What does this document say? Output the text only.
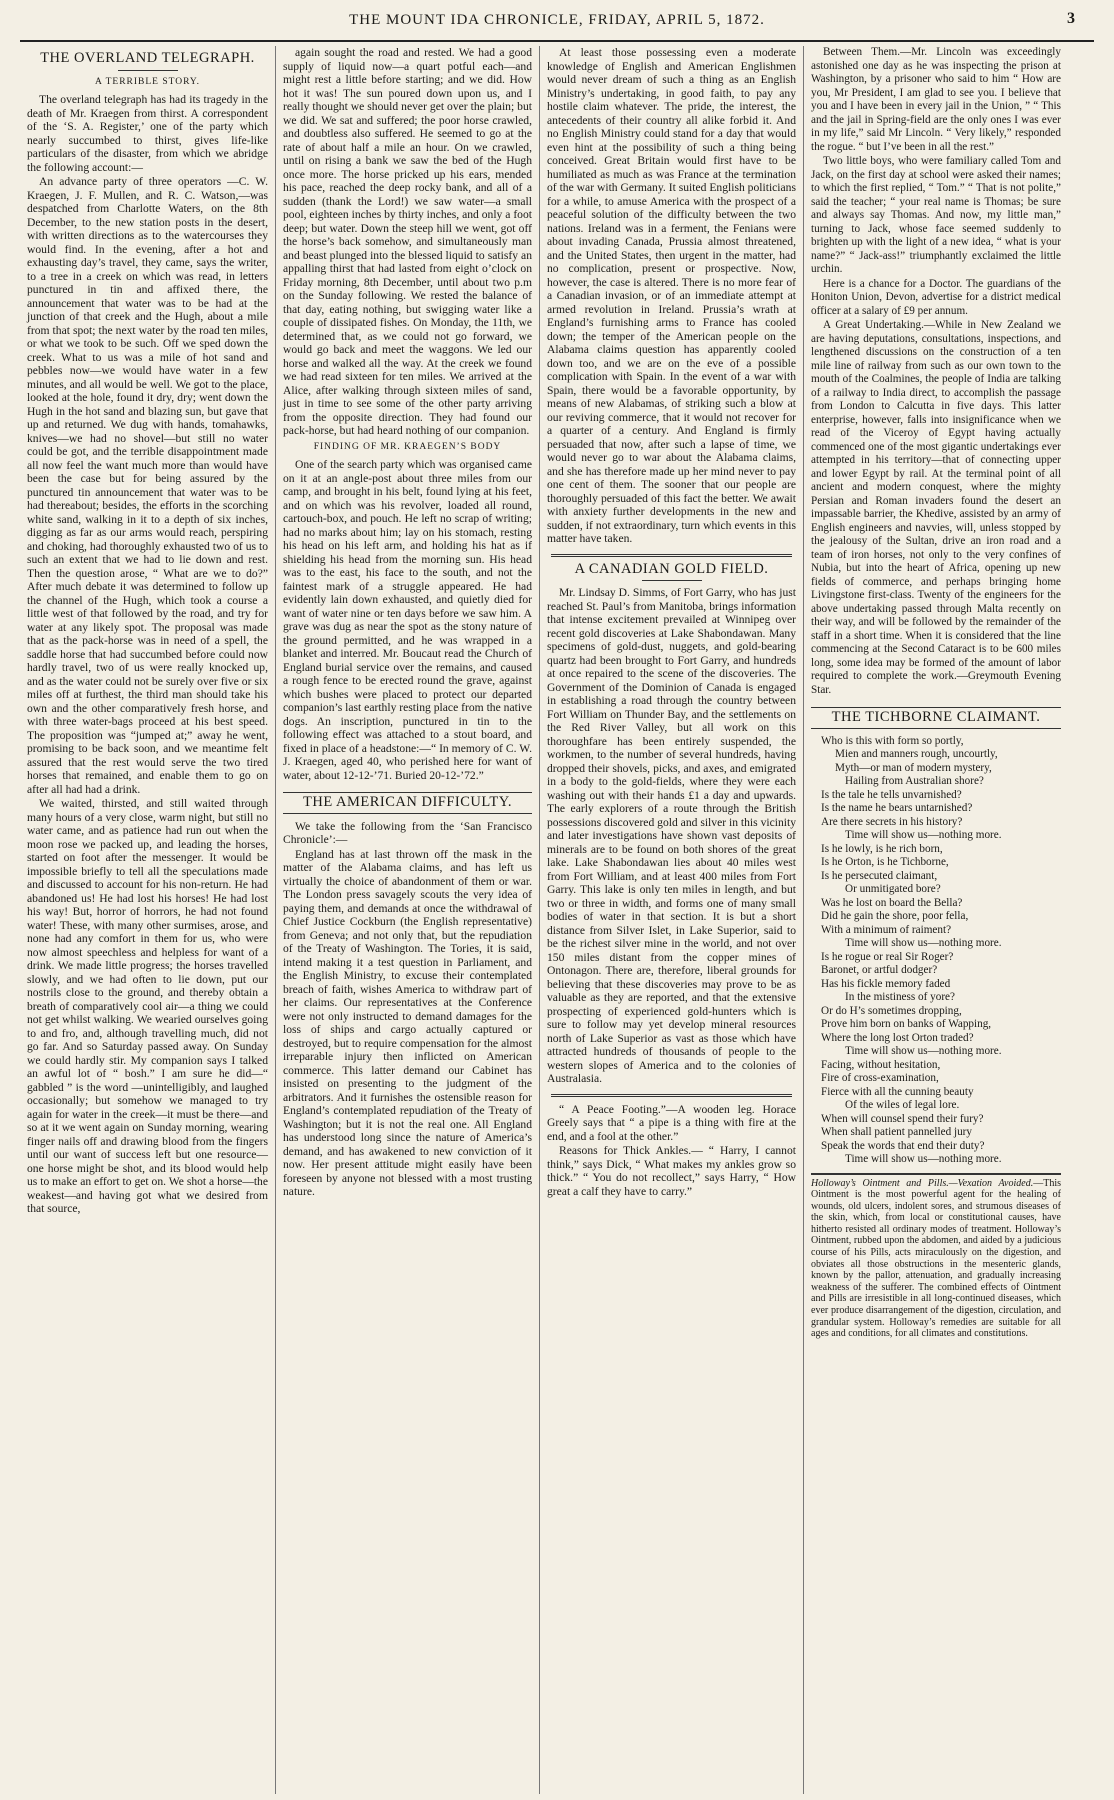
THE MOUNT IDA CHRONICLE, FRIDAY, APRIL 5, 1872.	3
THE OVERLAND TELEGRAPH.
A TERRIBLE STORY.

The overland telegraph has had its tragedy in the death of Mr. Kraegen from thirst. A correspondent of the ‘S. A. Register,’ one of the party which nearly succumbed to thirst, gives life-like particulars of the disaster, from which we abridge the following account:—

An advance party of three operators —C. W. Kraegen, J. F. Mullen, and R. C. Watson,—was despatched from Charlotte Waters, on the 8th December, to the new station posts in the desert, with written directions as to the watercourses they would find. In the evening, after a hot and exhausting day’s travel, they came, says the writer, to a tree in a creek on which was read, in letters punctured in tin and affixed there, the announcement that water was to be had at the junction of that creek and the Hugh, about a mile from that spot; the next water by the road ten miles, or what we took to be such. Off we sped down the creek. What to us was a mile of hot sand and pebbles now—we would have water in a few minutes, and all would be well. We got to the place, looked at the hole, found it dry, dry; went down the Hugh in the hot sand and blazing sun, but gave that up and returned. We dug with hands, tomahawks, knives—we had no shovel—but still no water could be got, and the terrible disappointment made all now feel the want much more than would have been the case but for being assured by the punctured tin announcement that water was to be had thereabout; besides, the efforts in the scorching white sand, walking in it to a depth of six inches, digging as far as our arms would reach, perspiring and choking, had thoroughly exhausted two of us to such an extent that we had to lie down and rest. Then the question arose, “ What are we to do?” After much debate it was determined to follow up the channel of the Hugh, which took a course a little west of that followed by the road, and try for water at any likely spot. The proposal was made that as the pack-horse was in need of a spell, the saddle horse that had succumbed before could now hardly travel, two of us were really knocked up, and as the water could not be surely over five or six miles off at furthest, the third man should take his own and the other comparatively fresh horse, and with three water-bags proceed at his best speed. The proposition was “jumped at;” away he went, promising to be back soon, and we meantime felt assured that the rest would serve the two tired horses that remained, and enable them to go on after all had had a drink.

We waited, thirsted, and still waited through many hours of a very close, warm night, but still no water came, and as patience had run out when the moon rose we packed up, and leading the horses, started on foot after the messenger. It would be impossible briefly to tell all the speculations made and discussed to account for his non-return. He had abandoned us! He had lost his horses! He had lost his way! But, horror of horrors, he had not found water! These, with many other surmises, arose, and none had any comfort in them for us, who were now almost speechless and helpless for want of a drink. We made little progress; the horses travelled slowly, and we had often to lie down, put our nostrils close to the ground, and thereby obtain a breath of comparatively cool air—a thing we could not get whilst walking. We wearied ourselves going to and fro, and, although travelling much, did not go far. And so Saturday passed away. On Sunday we could hardly stir. My companion says I talked an awful lot of “ bosh.” I am sure he did—“ gabbled ” is the word —unintelligibly, and laughed occasionally; but somehow we managed to try again for water in the creek—it must be there—and so at it we went again on Sunday morning, wearing finger nails off and drawing blood from the fingers until our want of success left but one resource—one horse might be shot, and its blood would help us to make an effort to get on. We shot a horse—the weakest—and having got what we desired from that source,

again sought the road and rested. We had a good supply of liquid now—a quart potful each—and might rest a little before starting; and we did. How hot it was! The sun poured down upon us, and I really thought we should never get over the plain; but we did. We sat and suffered; the poor horse crawled, and doubtless also suffered. He seemed to go at the rate of about half a mile an hour. On we crawled, until on rising a bank we saw the bed of the Hugh once more. The horse pricked up his ears, mended his pace, reached the deep rocky bank, and all of a sudden (thank the Lord!) we saw water—a small pool, eighteen inches by thirty inches, and only a foot deep; but water. Down the steep hill we went, got off the horse’s back somehow, and simultaneously man and beast plunged into the blessed liquid to satisfy an appalling thirst that had lasted from eight o’clock on Friday morning, 8th December, until about two p.m on the Sunday following. We rested the balance of that day, eating nothing, but swigging water like a couple of dissipated fishes. On Monday, the 11th, we determined that, as we could not go forward, we would go back and meet the waggons. We led our horse and walked all the way. At the creek we found we had read sixteen for ten miles. We arrived at the Alice, after walking through sixteen miles of sand, just in time to see some of the other party arriving from the opposite direction. They had found our pack-horse, but had heard nothing of our companion.

FINDING OF MR. KRAEGEN’S BODY

One of the search party which was organised came on it at an angle-post about three miles from our camp, and brought in his belt, found lying at his feet, and on which was his revolver, loaded all round, cartouch-box, and pouch. He left no scrap of writing; had no marks about him; lay on his stomach, resting his head on his left arm, and holding his hat as if shielding his head from the morning sun. His head was to the east, his face to the south, and not the faintest mark of a struggle appeared. He had evidently lain down exhausted, and quietly died for want of water nine or ten days before we saw him. A grave was dug as near the spot as the stony nature of the ground permitted, and he was wrapped in a blanket and interred. Mr. Boucaut read the Church of England burial service over the remains, and caused a rough fence to be erected round the grave, against which bushes were placed to protect our departed companion’s last earthly resting place from the native dogs. An inscription, punctured in tin to the following effect was attached to a stout board, and fixed in place of a headstone:—“ In memory of C. W. J. Kraegen, aged 40, who perished here for want of water, about 12-12-’71. Buried 20-12-’72.”

THE AMERICAN DIFFICULTY.

We take the following from the ‘San Francisco Chronicle’:—

England has at last thrown off the mask in the matter of the Alabama claims, and has left us virtually the choice of abandonment of them or war. The London press savagely scouts the very idea of paying them, and demands at once the withdrawal of Chief Justice Cockburn (the English representative) from Geneva; and not only that, but the repudiation of the Treaty of Washington. The Tories, it is said, intend making it a test question in Parliament, and the English Ministry, to excuse their contemplated breach of faith, wishes America to withdraw part of her claims. Our representatives at the Conference were not only instructed to demand damages for the loss of ships and cargo actually captured or destroyed, but to require compensation for the almost irreparable injury then inflicted on American commerce. This latter demand our Cabinet has insisted on presenting to the judgment of the arbitrators. And it furnishes the ostensible reason for England’s contemplated repudiation of the Treaty of Washington; but it is not the real one. All England has understood long since the nature of America’s demand, and has awakened to new conviction of it now. Her present attitude might easily have been foreseen by anyone not blessed with a most trusting nature.

At least those possessing even a moderate knowledge of English and American Englishmen would never dream of such a thing as an English Ministry’s undertaking, in good faith, to pay any hostile claim whatever. The pride, the interest, the antecedents of their country all alike forbid it. And no English Ministry could stand for a day that would even hint at the possibility of such a thing being conceived. Great Britain would first have to be humiliated as much as was France at the termination of the war with Germany. It suited English politicians for a while, to amuse America with the prospect of a peaceful solution of the difficulty between the two nations. Ireland was in a ferment, the Fenians were about invading Canada, Prussia almost threatened, and the United States, then urgent in the matter, had no complication, present or prospective. Now, however, the case is altered. There is no more fear of a Canadian invasion, or of an immediate attempt at armed revolution in Ireland. Prussia’s wrath at England’s furnishing arms to France has cooled down; the temper of the American people on the Alabama claims question has apparently cooled down too, and we are on the eve of a possible complication with Spain. In the event of a war with Spain, there would be a favorable opportunity, by means of new Alabamas, of striking such a blow at our reviving commerce, that it would not recover for a quarter of a century. And England is firmly persuaded that now, after such a lapse of time, we would never go to war about the Alabama claims, and she has therefore made up her mind never to pay one cent of them. The sooner that our people are thoroughly persuaded of this fact the better. We await with anxiety further developments in the new and sudden, if not extraordinary, turn which events in this matter have taken.

A CANADIAN GOLD FIELD.

Mr. Lindsay D. Simms, of Fort Garry, who has just reached St. Paul’s from Manitoba, brings information that intense excitement prevailed at Winnipeg over recent gold discoveries at Lake Shabondawan. Many specimens of gold-dust, nuggets, and gold-bearing quartz had been brought to Fort Garry, and hundreds at once repaired to the scene of the discoveries. The Government of the Dominion of Canada is engaged in establishing a road through the country between Fort William on Thunder Bay, and the settlements on the Red River Valley, but all work on this thoroughfare has been entirely suspended, the workmen, to the number of several hundreds, having dropped their shovels, picks, and axes, and emigrated in a body to the gold-fields, where they were each washing out with their hands £1 a day and upwards. The early explorers of a route through the British possessions discovered gold and silver in this vicinity and later investigations have shown vast deposits of minerals are to be found on both shores of the great lake. Lake Shabondawan lies about 40 miles west from Fort William, and at least 400 miles from Fort Garry. This lake is only ten miles in length, and but two or three in width, and forms one of many small bodies of water in that section. It is but a short distance from Silver Islet, in Lake Superior, said to be the richest silver mine in the world, and not over 150 miles distant from the copper mines of Ontonagon. There are, therefore, liberal grounds for believing that these discoveries may prove to be as valuable as they are reported, and that the extensive prospecting of experienced gold-hunters which is sure to follow may yet develop mineral resources north of Lake Superior as vast as those which have attracted hundreds of thousands of people to the western slopes of America and to the colonies of Australasia.

“ A Peace Footing.”—A wooden leg. Horace Greely says that “ a pipe is a thing with fire at the end, and a fool at the other.”

Reasons for Thick Ankles.— “ Harry, I cannot think,” says Dick, “ What makes my ankles grow so thick.” “ You do not recollect,” says Harry, “ How great a calf they have to carry.”

Between Them.—Mr. Lincoln was exceedingly astonished one day as he was inspecting the prison at Washington, by a prisoner who said to him “ How are you, Mr President, I am glad to see you. I believe that you and I have been in every jail in the Union, ” “ This and the jail in Spring-field are the only ones I was ever in my life,” said Mr Lincoln. “ Very likely,” responded the rogue. “ but I’ve been in all the rest.”

Two little boys, who were familiary called Tom and Jack, on the first day at school were asked their names; to which the first replied, “ Tom.” “ That is not polite,” said the teacher; “ your real name is Thomas; be sure and always say Thomas. And now, my little man,” turning to Jack, whose face seemed suddenly to brighten up with the light of a new idea, “ what is your name?” “ Jack-ass!” triumphantly exclaimed the little urchin.

Here is a chance for a Doctor. The guardians of the Honiton Union, Devon, advertise for a district medical officer at a salary of £9 per annum.

A Great Undertaking.—While in New Zealand we are having deputations, consultations, inspections, and lengthened discussions on the construction of a ten mile line of railway from such as our own town to the mouth of the Coalmines, the people of India are talking of a railway to India direct, to accomplish the passage from London to Calcutta in five days. This latter enterprise, however, falls into insignificance when we read of the Viceroy of Egypt having actually commenced one of the most gigantic undertakings ever attempted in his territory—that of connecting upper and lower Egypt by rail. At the terminal point of all ancient and modern conquest, where the mighty Persian and Roman invaders found the desert an impassable barrier, the Khedive, assisted by an army of English engineers and navvies, will, unless stopped by the jealousy of the Sultan, drive an iron road and a team of iron horses, not only to the very confines of Nubia, but into the heart of Africa, opening up new fields of commerce, and perhaps bringing home Livingstone first-class. Twenty of the engineers for the above undertaking passed through Malta recently on their way, and will be followed by the remainder of the staff in a short time. When it is considered that the line commencing at the Second Cataract is to be 600 miles long, some idea may be formed of the amount of labor required to complete the work.—Greymouth Evening Star.

THE TICHBORNE CLAIMANT.
Who is this with form so portly,
Mien and manners rough, uncourtly,
Myth—or man of modern mystery,
Hailing from Australian shore?
Is the tale he tells unvarnished?
Is the name he bears untarnished?
Are there secrets in his history?
Time will show us—nothing more.
Is he lowly, is he rich born,
Is he Orton, is he Tichborne,
Is he persecuted claimant,
Or unmitigated bore?
Was he lost on board the Bella?
Did he gain the shore, poor fella,
With a minimum of raiment?
Time will show us—nothing more.
Is he rogue or real Sir Roger?
Baronet, or artful dodger?
Has his fickle memory faded
In the mistiness of yore?
Or do H’s sometimes dropping,
Prove him born on banks of Wapping,
Where the long lost Orton traded?
Time will show us—nothing more.
Facing, without hesitation,
Fire of cross-examination,
Fierce with all the cunning beauty
Of the wiles of legal lore.
When will counsel spend their fury?
When shall patient pannelled jury
Speak the words that end their duty?
Time will show us—nothing more.
Holloway’s Ointment and Pills.—Vexation Avoided.—This Ointment is the most powerful agent for the healing of wounds, old ulcers, indolent sores, and strumous diseases of the skin, which, from local or constitutional causes, have hitherto resisted all ordinary modes of treatment. Holloway’s Ointment, rubbed upon the abdomen, and aided by a judicious course of his Pills, acts miraculously on the digestion, and obviates all those obstructions in the mesenteric glands, known by the pallor, attenuation, and gradually increasing weakness of the sufferer. The combined effects of Ointment and Pills are irresistible in all long-continued diseases, which ever produce disarrangement of the digestion, circulation, and grandular system. Holloway’s remedies are suitable for all ages and conditions, for all climates and constitutions.
